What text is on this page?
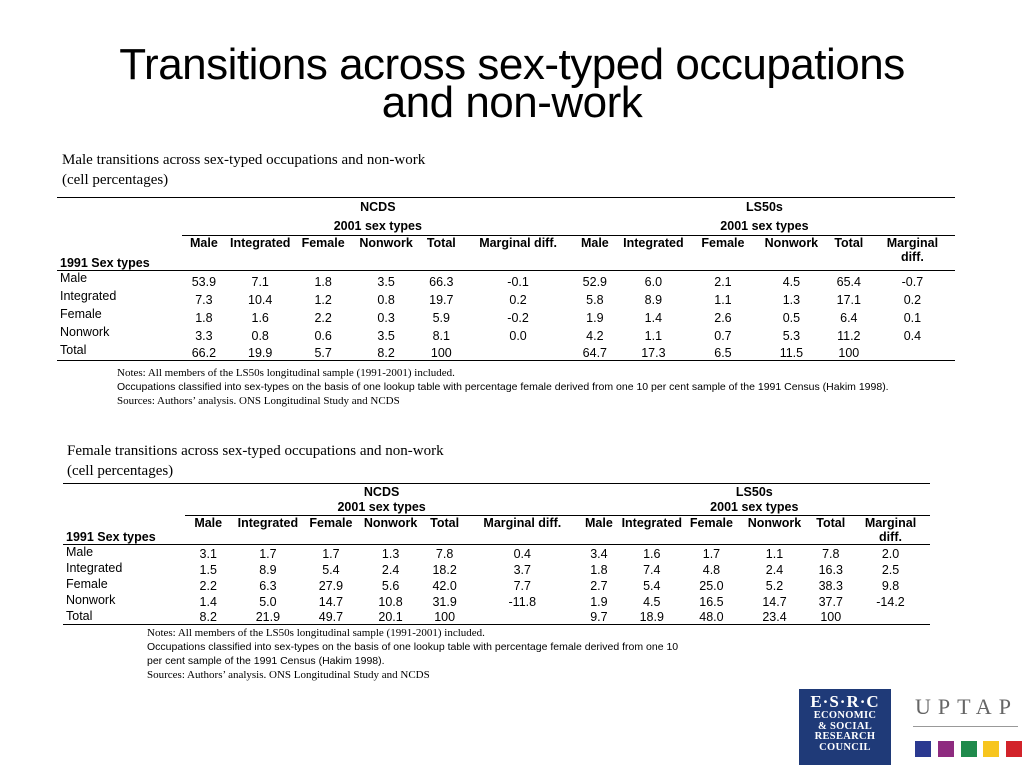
Transitions across sex-typed occupations
and non-work
Male transitions across sex-typed occupations and non-work
(cell percentages)
	NCDS						LS50s					
	2001 sex types						2001 sex types					
1991 Sex types	Male	Integrated	Female	Nonwork	Total	Marginal diff.	Male	Integrated	Female	Nonwork	Total	Marginal
diff.

Male	53.9	7.1	1.8	3.5	66.3	-0.1	52.9	6.0	2.1	4.5	65.4	-0.7
Integrated	7.3	10.4	1.2	0.8	19.7	0.2	5.8	8.9	1.1	1.3	17.1	0.2
Female	1.8	1.6	2.2	0.3	5.9	-0.2	1.9	1.4	2.6	0.5	6.4	0.1
Nonwork	3.3	0.8	0.6	3.5	8.1	0.0	4.2	1.1	0.7	5.3	11.2	0.4
Total	66.2	19.9	5.7	8.2	100		64.7	17.3	6.5	11.5	100	
Notes: All members of the LS50s longitudinal sample (1991-2001) included.
Occupations classified into sex-types on the basis of one lookup table with percentage female derived from one 10 per cent sample of the 1991 Census (Hakim 1998).
Sources: Authors’ analysis. ONS Longitudinal Study and NCDS
Female transitions across sex-typed occupations and non-work
(cell percentages)
	NCDS						LS50s					
	2001 sex types						2001 sex types					
1991 Sex types	Male	Integrated	Female	Nonwork	Total	Marginal diff.	Male	Integrated	Female	Nonwork	Total	Marginal
diff.

Male	3.1	1.7	1.7	1.3	7.8	0.4	3.4	1.6	1.7	1.1	7.8	2.0
Integrated	1.5	8.9	5.4	2.4	18.2	3.7	1.8	7.4	4.8	2.4	16.3	2.5
Female	2.2	6.3	27.9	5.6	42.0	7.7	2.7	5.4	25.0	5.2	38.3	9.8
Nonwork	1.4	5.0	14.7	10.8	31.9	-11.8	1.9	4.5	16.5	14.7	37.7	-14.2
Total	8.2	21.9	49.7	20.1	100		9.7	18.9	48.0	23.4	100	
Notes: All members of the LS50s longitudinal sample (1991-2001) included.
Occupations classified into sex-types on the basis of one lookup table with percentage female derived from one 10
per cent sample of the 1991 Census (Hakim 1998).
Sources: Authors’ analysis. ONS Longitudinal Study and NCDS
E·S·R·C
ECONOMIC
& SOCIAL
RESEARCH
COUNCIL
UPTAP
